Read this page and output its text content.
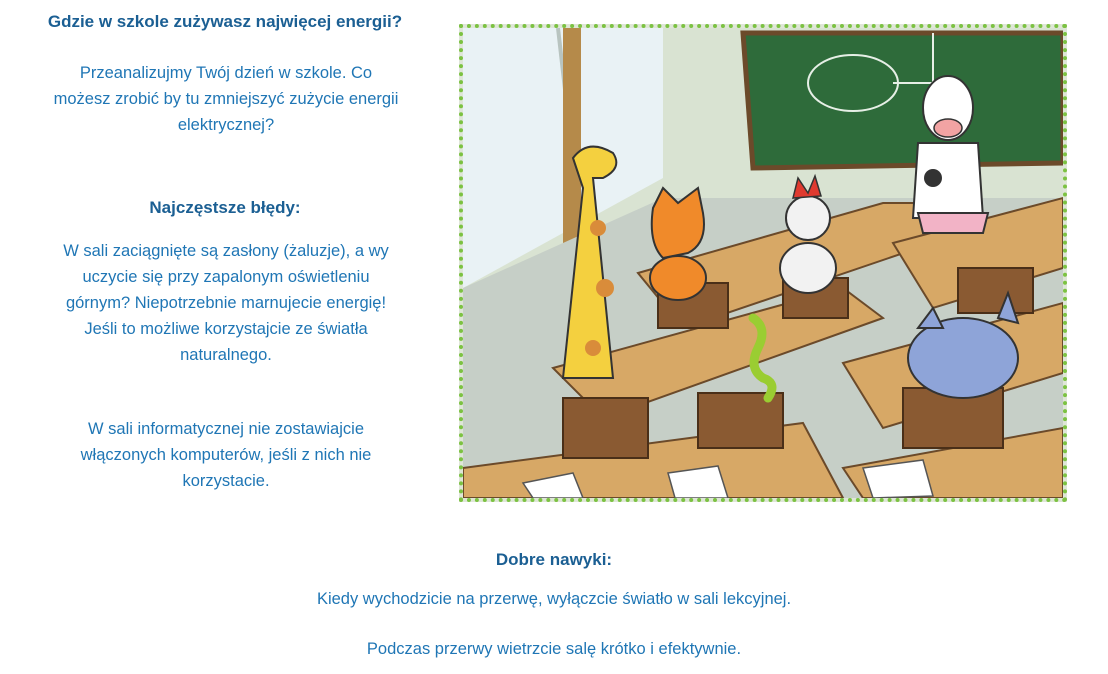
Gdzie w szkole zużywasz najwięcej energii?
Przeanalizujmy Twój dzień w szkole. Co
możesz zrobić by tu zmniejszyć zużycie energii
elektrycznej?
Najczęstsze błędy:
W sali zaciągnięte są zasłony (żaluzje), a wy
uczycie się przy zapalonym oświetleniu
górnym? Niepotrzebnie marnujecie energię!
Jeśli to możliwe korzystajcie ze światła
naturalnego.
W sali informatycznej nie zostawiajcie
włączonych komputerów, jeśli z nich nie
korzystacie.
Dobre nawyki:
Kiedy wychodzicie na przerwę, wyłączcie światło w sali lekcyjnej.
Podczas przerwy wietrzcie salę krótko i efektywnie.
